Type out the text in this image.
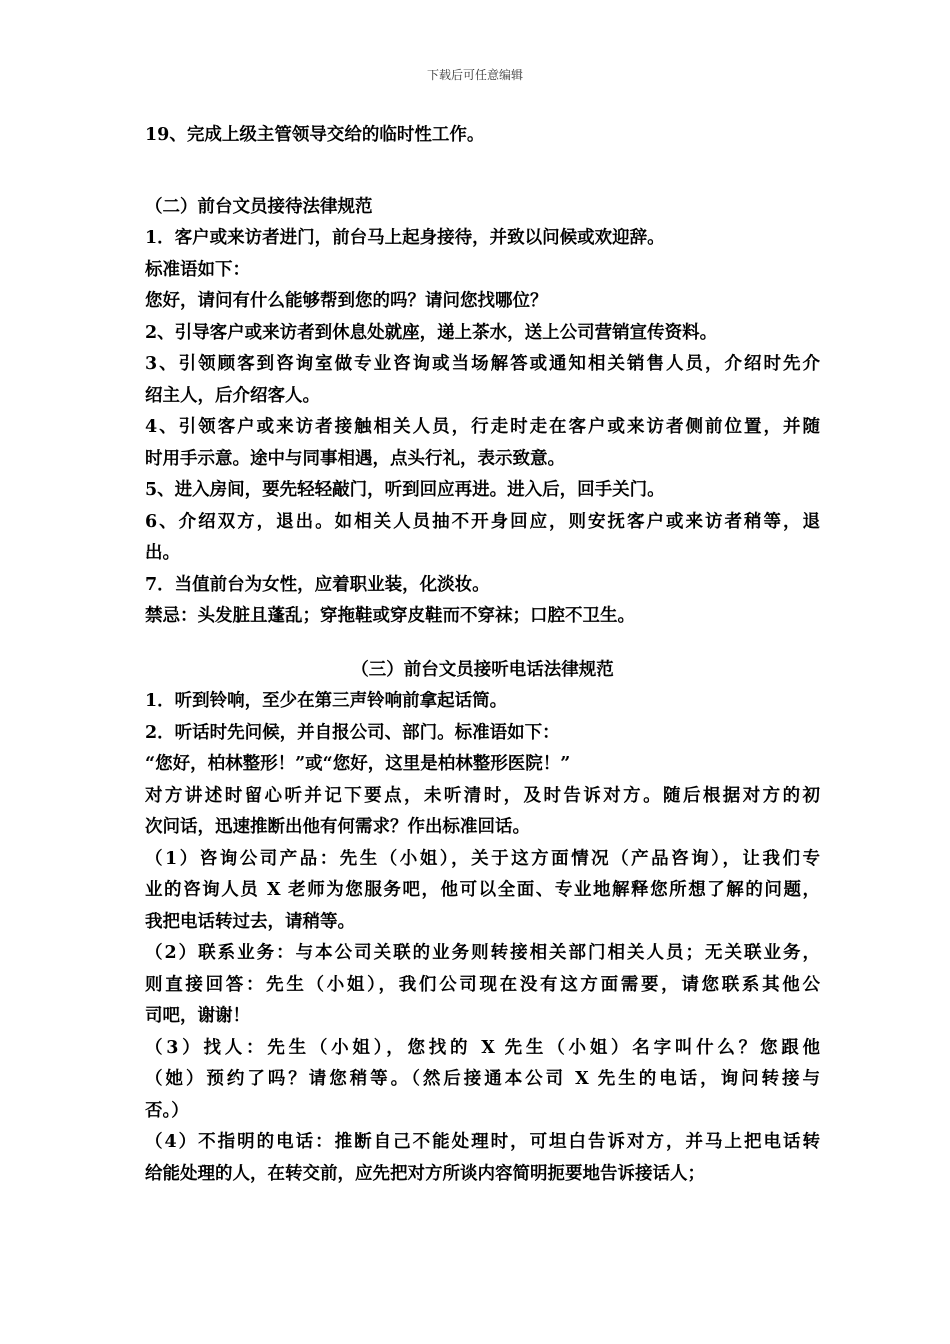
下载后可任意编辑
19、完成上级主管领导交给的临时性工作。
（二）前台文员接待法律规范
1．客户或来访者进门，前台马上起身接待，并致以问候或欢迎辞。
标准语如下：
您好，请问有什么能够帮到您的吗？请问您找哪位？
2、引导客户或来访者到休息处就座，递上茶水，送上公司营销宣传资料。
3、引领顾客到咨询室做专业咨询或当场解答或通知相关销售人员，介绍时先介
绍主人，后介绍客人。
4、引领客户或来访者接触相关人员，行走时走在客户或来访者侧前位置，并随
时用手示意。途中与同事相遇，点头行礼，表示致意。
5、进入房间，要先轻轻敲门，听到回应再进。进入后，回手关门。
6、介绍双方，退出。如相关人员抽不开身回应，则安抚客户或来访者稍等，退
出。
7．当值前台为女性，应着职业装，化淡妆。
禁忌：头发脏且蓬乱；穿拖鞋或穿皮鞋而不穿袜；口腔不卫生。
（三）前台文员接听电话法律规范
1．听到铃响，至少在第三声铃响前拿起话筒。
2．听话时先问候，并自报公司、部门。标准语如下：
“您好，柏林整形！”或“您好，这里是柏林整形医院！”
对方讲述时留心听并记下要点，未听清时，及时告诉对方。随后根据对方的初
次问话，迅速推断出他有何需求？作出标准回话。
（1）咨询公司产品：先生（小姐），关于这方面情况（产品咨询），让我们专
业的咨询人员 X 老师为您服务吧，他可以全面、专业地解释您所想了解的问题，
我把电话转过去，请稍等。
（2）联系业务：与本公司关联的业务则转接相关部门相关人员；无关联业务，
则直接回答：先生（小姐），我们公司现在没有这方面需要，请您联系其他公
司吧，谢谢！
（3）找人：先生（小姐），您找的 X 先生（小姐）名字叫什么？您跟他
（她）预约了吗？请您稍等。（然后接通本公司 X 先生的电话，询问转接与
否。）
（4）不指明的电话：推断自己不能处理时，可坦白告诉对方，并马上把电话转
给能处理的人，在转交前，应先把对方所谈内容简明扼要地告诉接话人；
